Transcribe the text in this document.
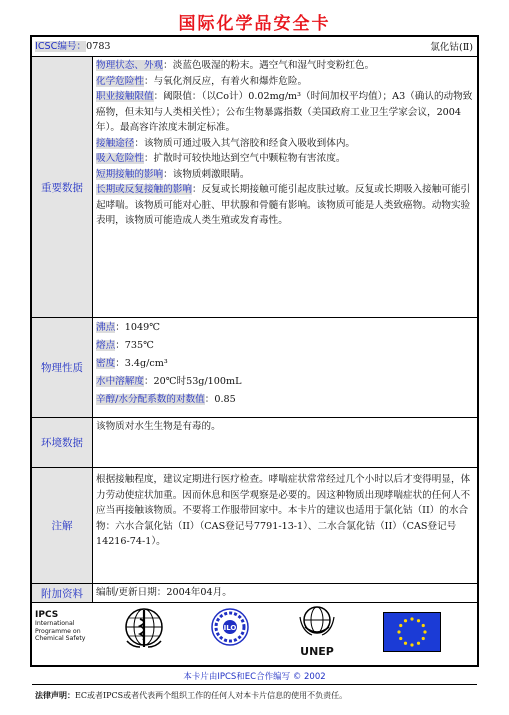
国际化学品安全卡
ICSC编号：0783	氯化钴(Ⅱ)
重要数据
物理状态、外观：淡蓝色吸湿的粉末。遇空气和湿气时变粉红色。
化学危险性：与氧化剂反应，有着火和爆炸危险。
职业接触限值：阈限值：（以Co计）0.02mg/m³（时间加权平均值）；A3（确认的动物致癌物，但未知与人类相关性）；公布生物暴露指数（美国政府工业卫生学家会议，2004年）。最高容许浓度未制定标准。
接触途径：该物质可通过吸入其气溶胶和经食入吸收到体内。
吸入危险性：扩散时可较快地达到空气中颗粒物有害浓度。
短期接触的影响：该物质刺激眼睛。
长期或反复接触的影响：反复或长期接触可能引起皮肤过敏。反复或长期吸入接触可能引起哮喘。该物质可能对心脏、甲状腺和骨髓有影响。该物质可能是人类致癌物。动物实验表明，该物质可能造成人类生殖或发育毒性。
物理性质
沸点：1049℃
熔点：735℃
密度：3.4g/cm³
水中溶解度：20℃时53g/100mL
辛醇/水分配系数的对数值：0.85
环境数据
该物质对水生生物是有毒的。
注解
根据接触程度，建议定期进行医疗检查。哮喘症状常常经过几个小时以后才变得明显，体力劳动使症状加重。因而休息和医学观察是必要的。因这种物质出现哮喘症状的任何人不应当再接触该物质。不要将工作服带回家中。本卡片的建议也适用于氯化钴（II）的水合物：六水合氯化钴（II）（CAS登记号7791-13-1）、二水合氯化钴（II）（CAS登记号14216-74-1）。
附加资料	编制/更新日期：2004年04月。
IPCS
International
Programme on
Chemical Safety
ILO
UNEP
本卡片由IPCS和EC合作编写 © 2002
法律声明：EC或者IPCS或者代表两个组织工作的任何人对本卡片信息的使用不负责任。
